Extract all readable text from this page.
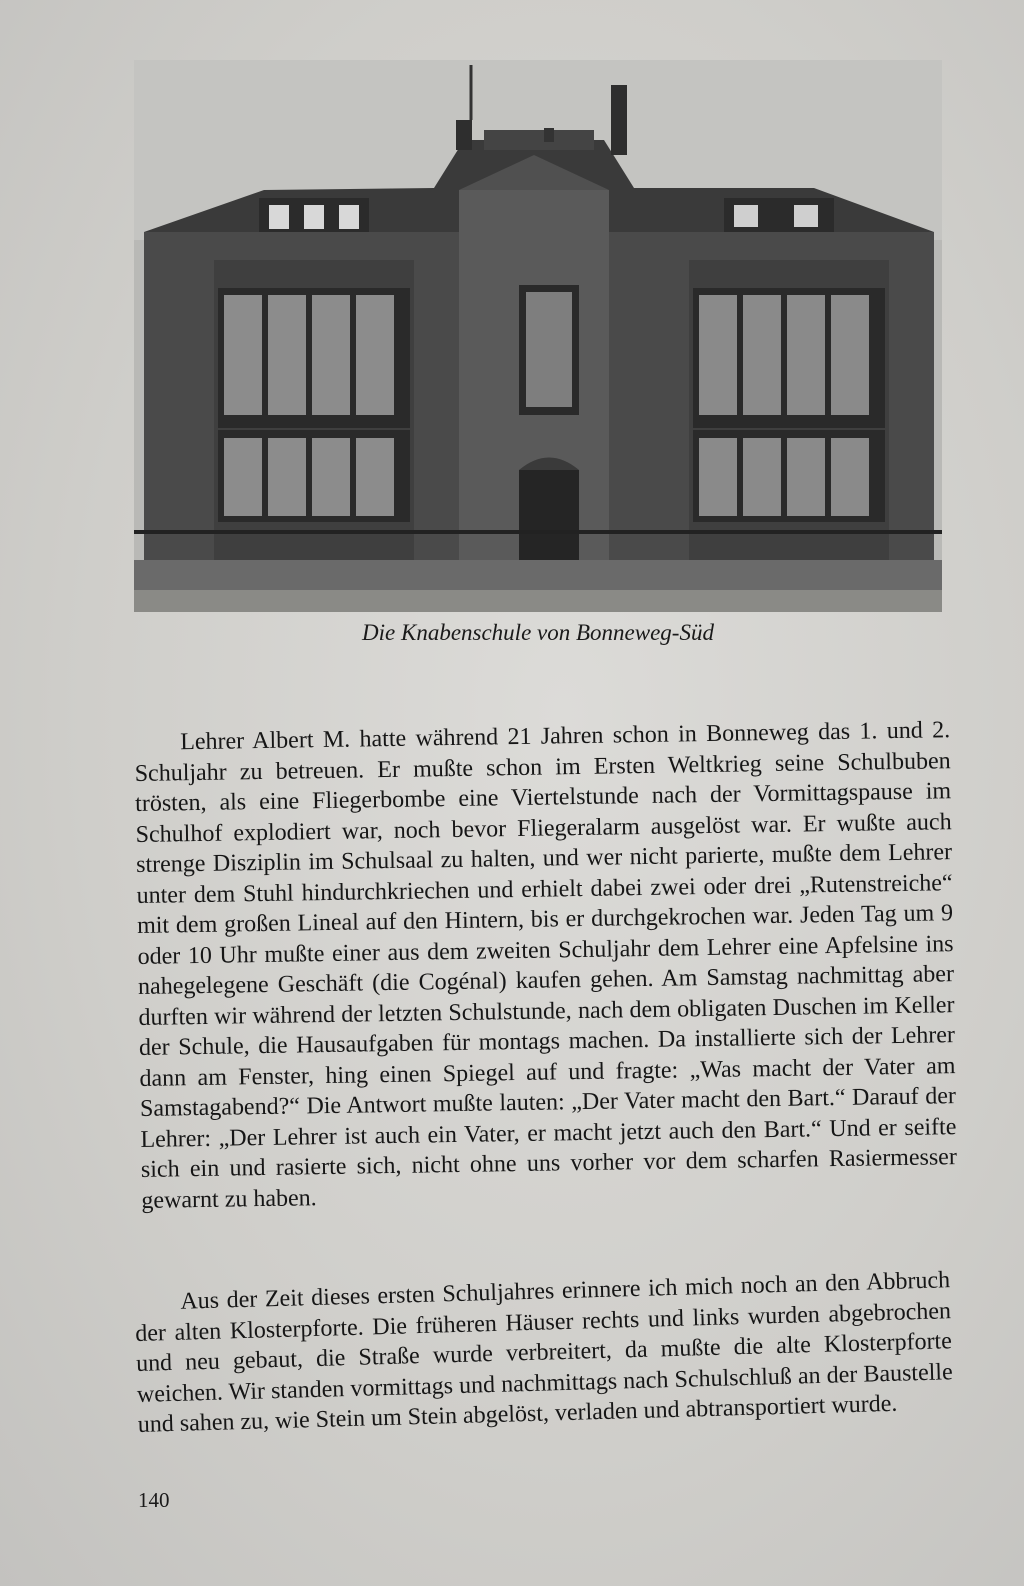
Die Knabenschule von Bonneweg-Süd

Lehrer Albert M. hatte während 21 Jahren schon in Bonneweg das 1. und 2. Schuljahr zu betreuen. Er mußte schon im Ersten Weltkrieg seine Schulbuben trösten, als eine Fliegerbombe eine Viertelstunde nach der Vormittagspause im Schulhof explodiert war, noch bevor Fliegeralarm ausgelöst war. Er wußte auch strenge Disziplin im Schulsaal zu halten, und wer nicht parierte, mußte dem Lehrer unter dem Stuhl hindurchkriechen und erhielt dabei zwei oder drei „Rutenstreiche“ mit dem großen Lineal auf den Hintern, bis er durchgekrochen war. Jeden Tag um 9 oder 10 Uhr mußte einer aus dem zweiten Schuljahr dem Lehrer eine Apfelsine ins nahegelegene Geschäft (die Cogénal) kaufen gehen. Am Samstag nachmittag aber durften wir während der letzten Schulstunde, nach dem obligaten Duschen im Keller der Schule, die Hausaufgaben für montags machen. Da installierte sich der Lehrer dann am Fenster, hing einen Spiegel auf und fragte: „Was macht der Vater am Samstagabend?“ Die Antwort mußte lauten: „Der Vater macht den Bart.“ Darauf der Lehrer: „Der Lehrer ist auch ein Vater, er macht jetzt auch den Bart.“ Und er seifte sich ein und rasierte sich, nicht ohne uns vorher vor dem scharfen Rasiermesser gewarnt zu haben.

Aus der Zeit dieses ersten Schuljahres erinnere ich mich noch an den Abbruch der alten Klosterpforte. Die früheren Häuser rechts und links wurden abgebrochen und neu gebaut, die Straße wurde verbreitert, da mußte die alte Klosterpforte weichen. Wir standen vormittags und nachmittags nach Schulschluß an der Baustelle und sahen zu, wie Stein um Stein abgelöst, verladen und abtransportiert wurde.

140
